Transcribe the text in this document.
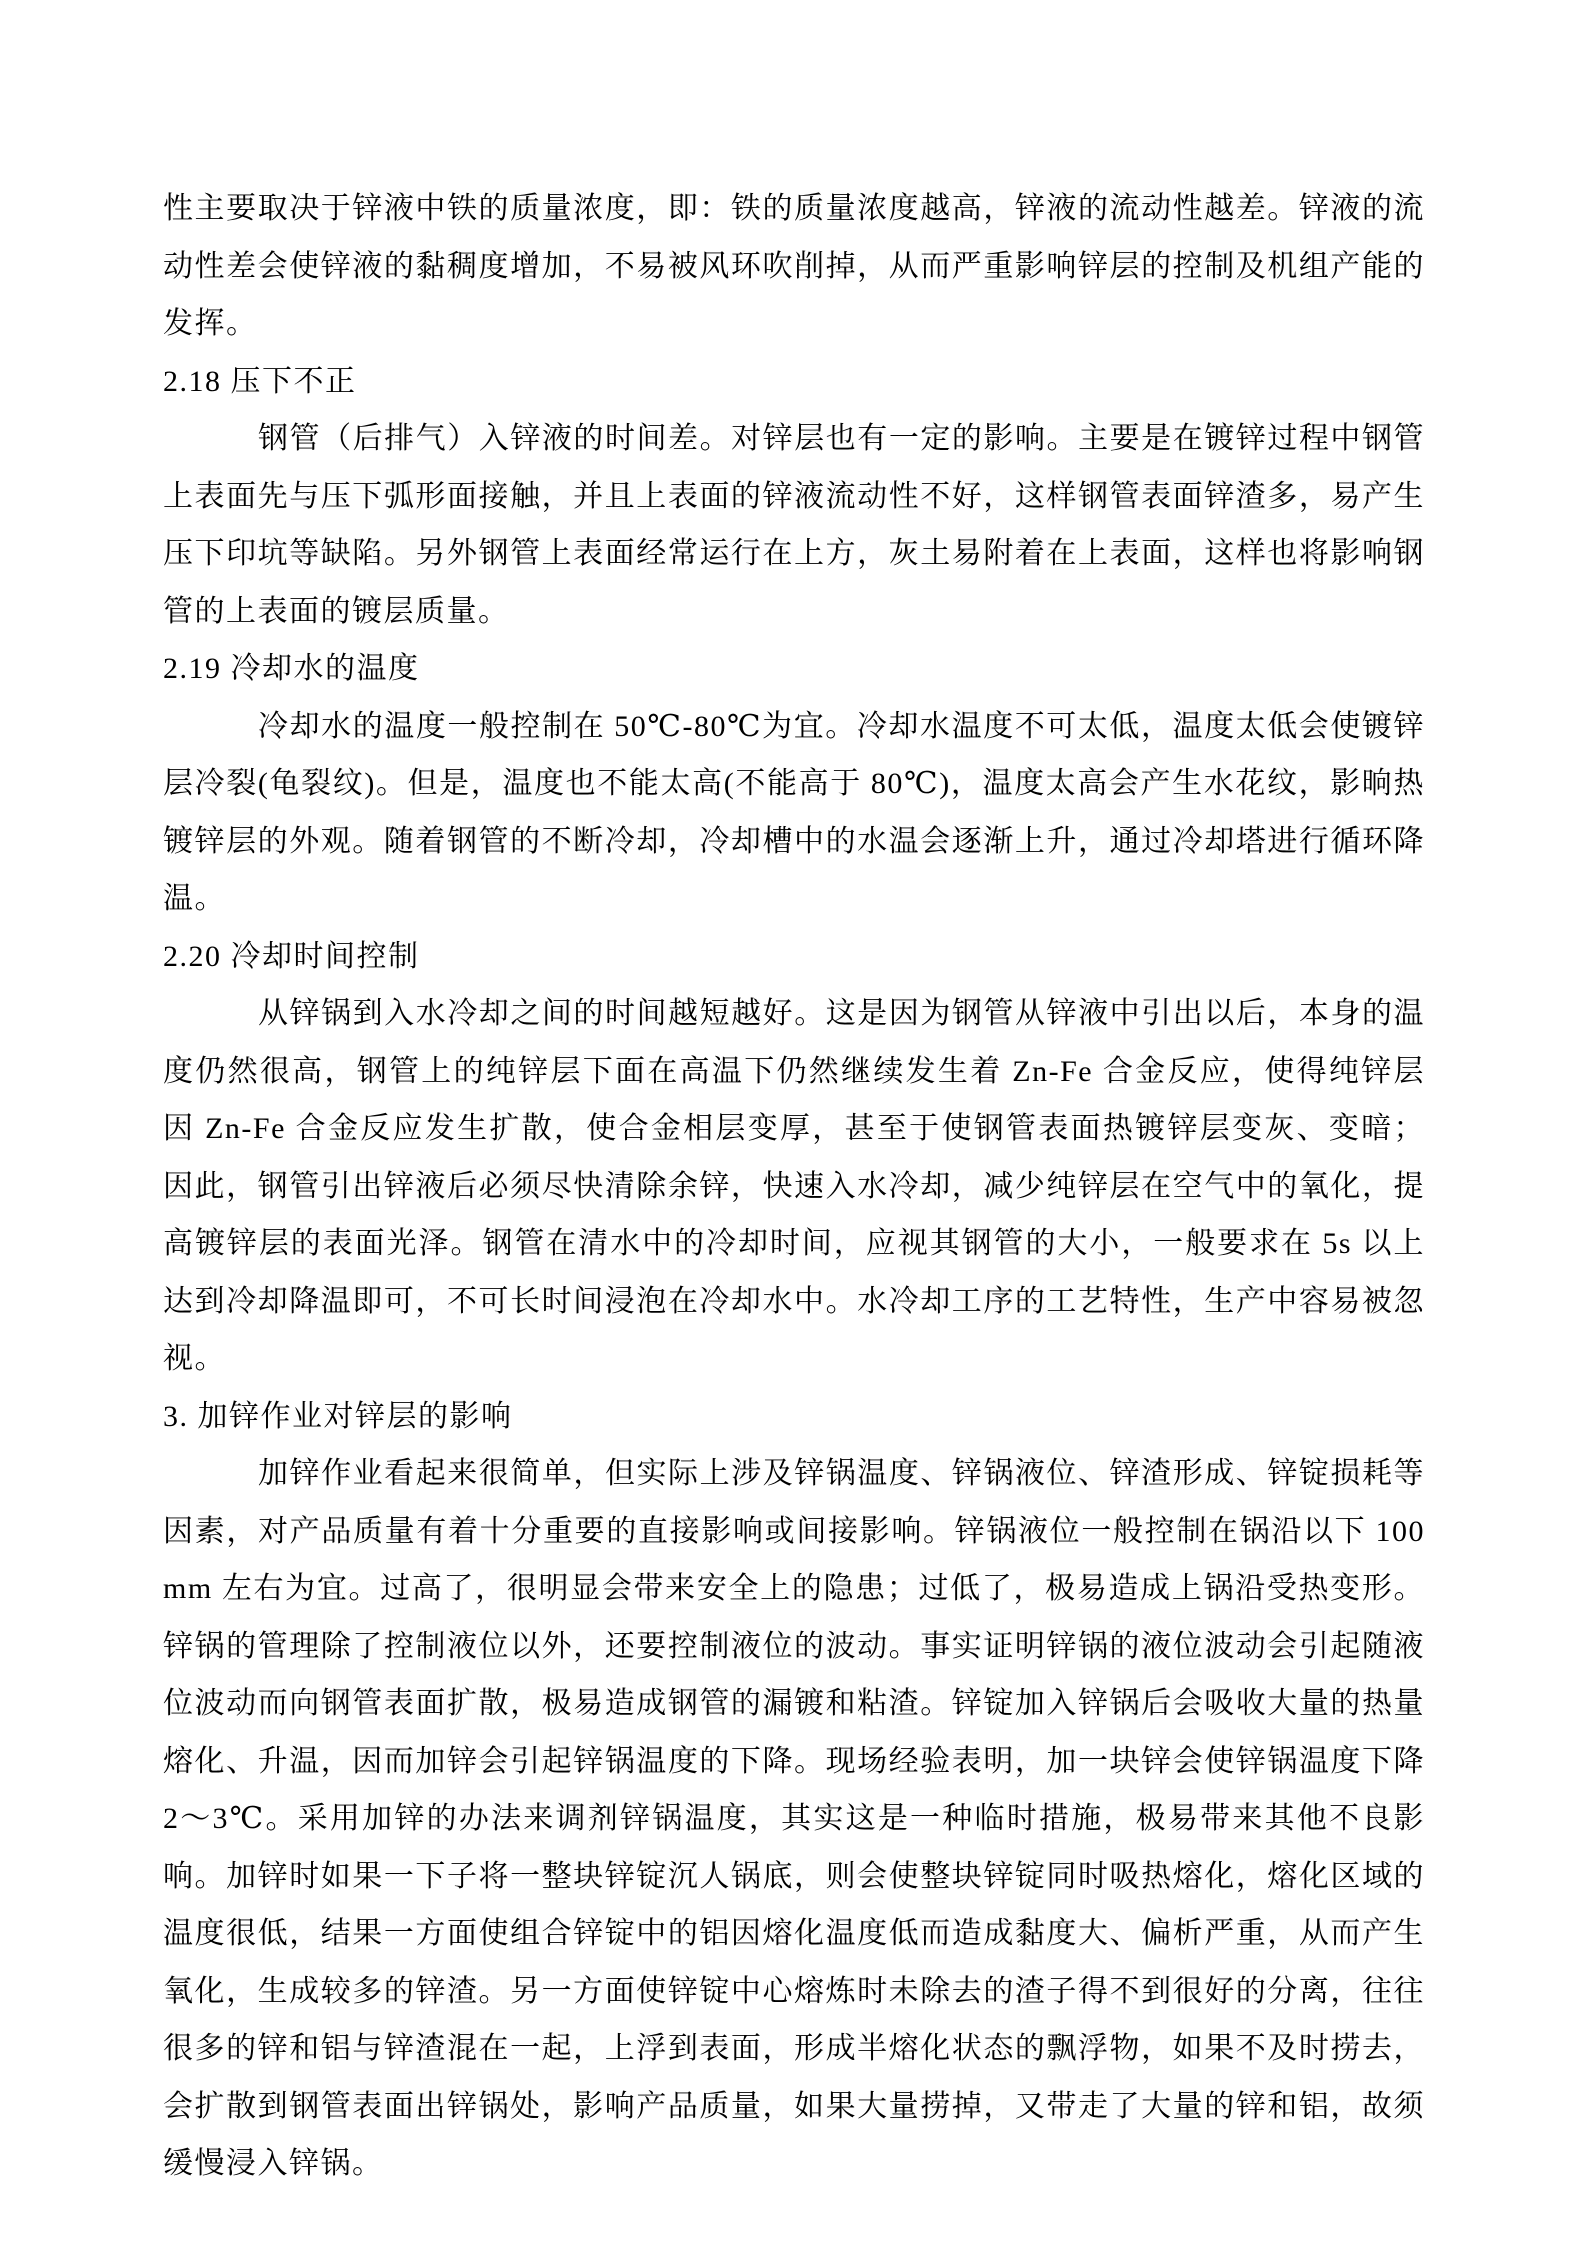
性主要取决于锌液中铁的质量浓度，即：铁的质量浓度越高，锌液的流动性越差。锌液的流动性差会使锌液的黏稠度增加，不易被风环吹削掉，从而严重影响锌层的控制及机组产能的发挥。

2.18 压下不正

钢管（后排气）入锌液的时间差。对锌层也有一定的影响。主要是在镀锌过程中钢管上表面先与压下弧形面接触，并且上表面的锌液流动性不好，这样钢管表面锌渣多，易产生压下印坑等缺陷。另外钢管上表面经常运行在上方，灰土易附着在上表面，这样也将影响钢管的上表面的镀层质量。

2.19 冷却水的温度

冷却水的温度一般控制在 50℃-80℃为宜。冷却水温度不可太低，温度太低会使镀锌层冷裂(龟裂纹)。但是，温度也不能太高(不能高于 80℃)，温度太高会产生水花纹，影晌热镀锌层的外观。随着钢管的不断冷却，冷却槽中的水温会逐渐上升，通过冷却塔进行循环降温。

2.20 冷却时间控制

从锌锅到入水冷却之间的时间越短越好。这是因为钢管从锌液中引出以后，本身的温度仍然很高，钢管上的纯锌层下面在高温下仍然继续发生着 Zn-Fe 合金反应，使得纯锌层因 Zn-Fe 合金反应发生扩散，使合金相层变厚，甚至于使钢管表面热镀锌层变灰、变暗；因此，钢管引出锌液后必须尽快清除余锌，快速入水冷却，减少纯锌层在空气中的氧化，提高镀锌层的表面光泽。钢管在清水中的冷却时间，应视其钢管的大小，一般要求在 5s 以上达到冷却降温即可，不可长时间浸泡在冷却水中。水冷却工序的工艺特性，生产中容易被忽视。

3. 加锌作业对锌层的影响

加锌作业看起来很简单，但实际上涉及锌锅温度、锌锅液位、锌渣形成、锌锭损耗等因素，对产品质量有着十分重要的直接影响或间接影响。锌锅液位一般控制在锅沿以下 100mm 左右为宜。过高了，很明显会带来安全上的隐患；过低了，极易造成上锅沿受热变形。锌锅的管理除了控制液位以外，还要控制液位的波动。事实证明锌锅的液位波动会引起随液位波动而向钢管表面扩散，极易造成钢管的漏镀和粘渣。锌锭加入锌锅后会吸收大量的热量熔化、升温，因而加锌会引起锌锅温度的下降。现场经验表明，加一块锌会使锌锅温度下降 2～3℃。采用加锌的办法来调剂锌锅温度，其实这是一种临时措施，极易带来其他不良影响。加锌时如果一下子将一整块锌锭沉人锅底，则会使整块锌锭同时吸热熔化，熔化区域的温度很低，结果一方面使组合锌锭中的铝因熔化温度低而造成黏度大、偏析严重，从而产生氧化，生成较多的锌渣。另一方面使锌锭中心熔炼时未除去的渣子得不到很好的分离，往往很多的锌和铝与锌渣混在一起，上浮到表面，形成半熔化状态的飘浮物，如果不及时捞去，会扩散到钢管表面出锌锅处，影响产品质量，如果大量捞掉，又带走了大量的锌和铝，故须缓慢浸入锌锅。
